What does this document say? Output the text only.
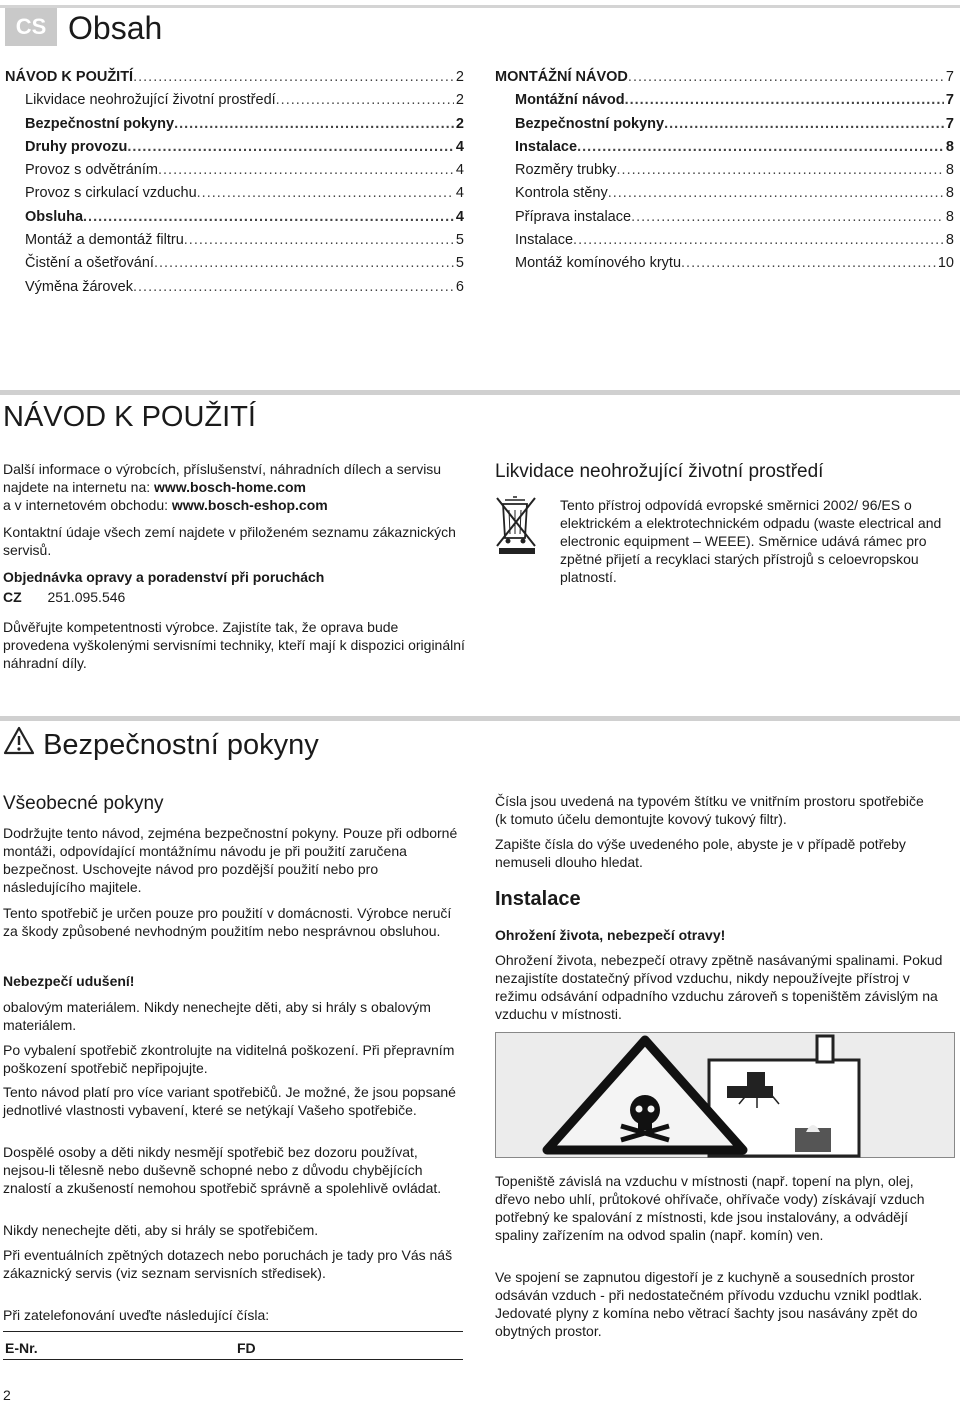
CS Obsah
NÁVOD K POUŽITÍ .....	2
Likvidace neohrožující životní prostředí .....	2
Bezpečnostní pokyny .....	2
Druhy provozu .....	4
Provoz s odvětráním .....	4
Provoz s cirkulací vzduchu .....	4
Obsluha .....	4
Montáž a demontáž filtru .....	5
Čistění a ošetřování .....	5
Výměna žárovek .....	6
MONTÁŽNÍ NÁVOD .....	7
Montážní návod .....	7
Bezpečnostní pokyny .....	7
Instalace .....	8
Rozměry trubky .....	8
Kontrola stěny .....	8
Příprava instalace .....	8
Instalace .....	8
Montáž komínového krytu .....	10
NÁVOD K POUŽITÍ
Další informace o výrobcích, příslušenství, náhradních dílech a servisu najdete na internetu na: www.bosch-home.com
a v internetovém obchodu: www.bosch-eshop.com
Kontaktní údaje všech zemí najdete v přiloženém seznamu zákaznických servisů.
Objednávka opravy a poradenství při poruchách
CZ 251.095.546
Důvěřujte kompetentnosti výrobce. Zajistíte tak, že oprava bude provedena vyškolenými servisními techniky, kteří mají k dispozici originální náhradní díly.
Likvidace neohrožující životní prostředí
Tento přístroj odpovídá evropské směrnici 2002/ 96/ES o elektrickém a elektrotechnickém odpadu (waste electrical and electronic equipment – WEEE). Směrnice udává rámec pro zpětné přijetí a recyklaci starých přístrojů s celoevropskou platností.
Bezpečnostní pokyny
Všeobecné pokyny
Dodržujte tento návod, zejména bezpečnostní pokyny. Pouze při odborné montáži, odpovídající montážnímu návodu je při použití zaručena bezpečnost. Uschovejte návod pro pozdější použití nebo pro následujícího majitele.
Tento spotřebič je určen pouze pro použití v domácnosti. Výrobce neručí za škody způsobené nevhodným použitím nebo nesprávnou obsluhou.
Nebezpečí udušení!
obalovým materiálem. Nikdy nenechejte děti, aby si hrály s obalovým materiálem.
Po vybalení spotřebič zkontrolujte na viditelná poškození. Při přepravním poškození spotřebič nepřipojujte.
Tento návod platí pro více variant spotřebičů. Je možné, že jsou popsané jednotlivé vlastnosti vybavení, které se netýkají Vašeho spotřebiče.
Dospělé osoby a děti nikdy nesmějí spotřebič bez dozoru používat, nejsou-li tělesně nebo duševně schopné nebo z důvodu chybějících znalostí a zkušeností nemohou spotřebič správně a spolehlivě ovládat.
Nikdy nenechejte děti, aby si hrály se spotřebičem.
Při eventuálních zpětných dotazech nebo poruchách je tady pro Vás náš zákaznický servis (viz seznam servisních středisek).
Při zatelefonování uveďte následující čísla:
E-Nr.	FD
Čísla jsou uvedená na typovém štítku ve vnitřním prostoru spotřebiče (k tomuto účelu demontujte kovový tukový filtr).
Zapište čísla do výše uvedeného pole, abyste je v případě potřeby nemuseli dlouho hledat.
Instalace
Ohrožení života, nebezpečí otravy!
Ohrožení života, nebezpečí otravy zpětně nasávanými spalinami. Pokud nezajistíte dostatečný přívod vzduchu, nikdy nepoužívejte přístroj v režimu odsávání odpadního vzduchu zároveň s topeništěm závislým na vzduchu v místnosti.
Topeniště závislá na vzduchu v místnosti (např. topení na plyn, olej, dřevo nebo uhlí, průtokové ohřívače, ohřívače vody) získávají vzduch potřebný ke spalování z místnosti, kde jsou instalovány, a odvádějí spaliny zařízením na odvod spalin (např. komín) ven.
Ve spojení se zapnutou digestoří je z kuchyně a sousedních prostor odsáván vzduch - při nedostatečném přívodu vzduchu vznikl podtlak. Jedovaté plyny z komína nebo větrací šachty jsou nasávány zpět do obytných prostor.
2
